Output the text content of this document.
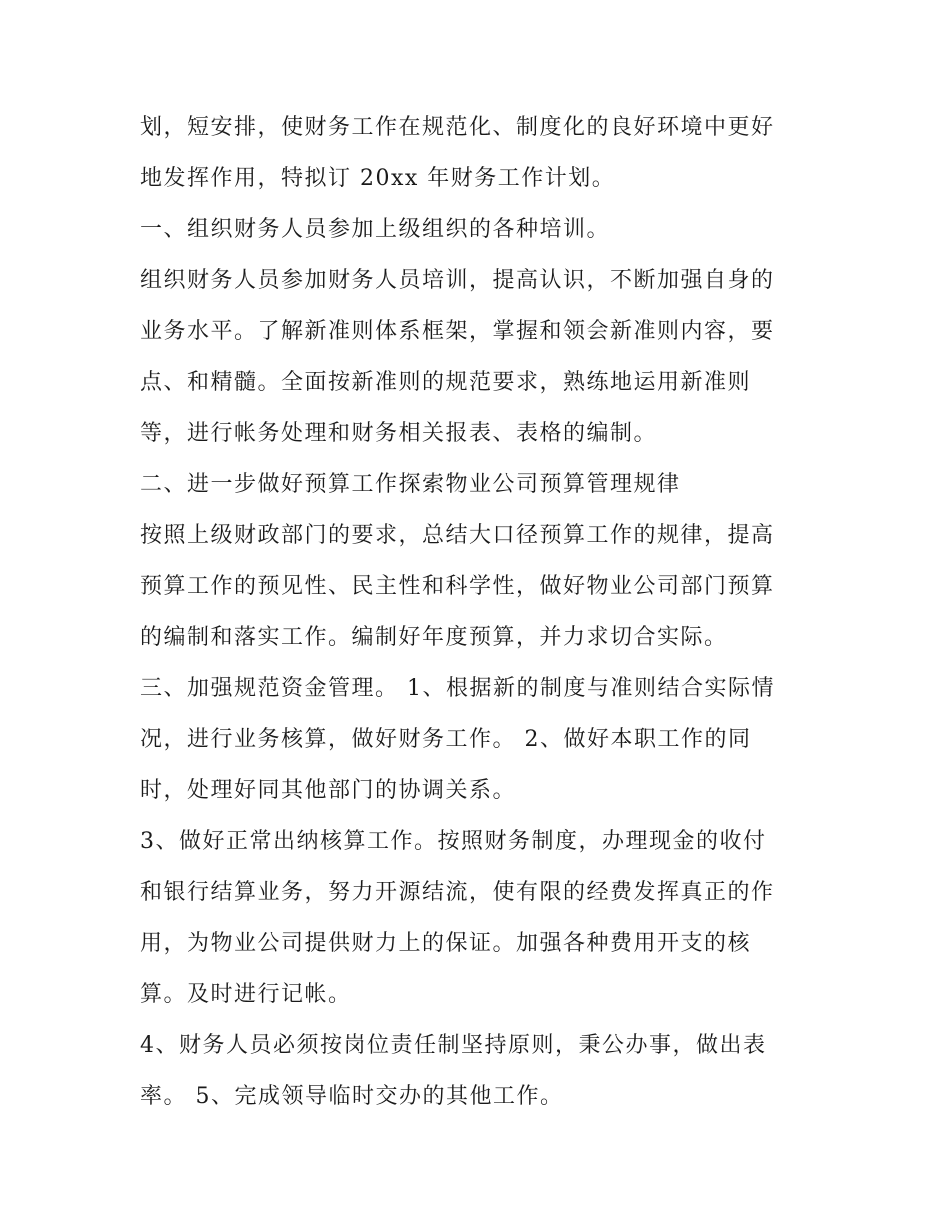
划，短安排，使财务工作在规范化、制度化的良好环境中更好
地发挥作用，特拟订 20xx 年财务工作计划。
一、组织财务人员参加上级组织的各种培训。
组织财务人员参加财务人员培训，提高认识，不断加强自身的
业务水平。了解新准则体系框架，掌握和领会新准则内容，要
点、和精髓。全面按新准则的规范要求，熟练地运用新准则
等，进行帐务处理和财务相关报表、表格的编制。
二、进一步做好预算工作探索物业公司预算管理规律
按照上级财政部门的要求，总结大口径预算工作的规律，提高
预算工作的预见性、民主性和科学性，做好物业公司部门预算
的编制和落实工作。编制好年度预算，并力求切合实际。
三、加强规范资金管理。 1、根据新的制度与准则结合实际情
况，进行业务核算，做好财务工作。 2、做好本职工作的同
时，处理好同其他部门的协调关系。
3、做好正常出纳核算工作。按照财务制度，办理现金的收付
和银行结算业务，努力开源结流，使有限的经费发挥真正的作
用，为物业公司提供财力上的保证。加强各种费用开支的核
算。及时进行记帐。
4、财务人员必须按岗位责任制坚持原则，秉公办事，做出表
率。 5、完成领导临时交办的其他工作。
